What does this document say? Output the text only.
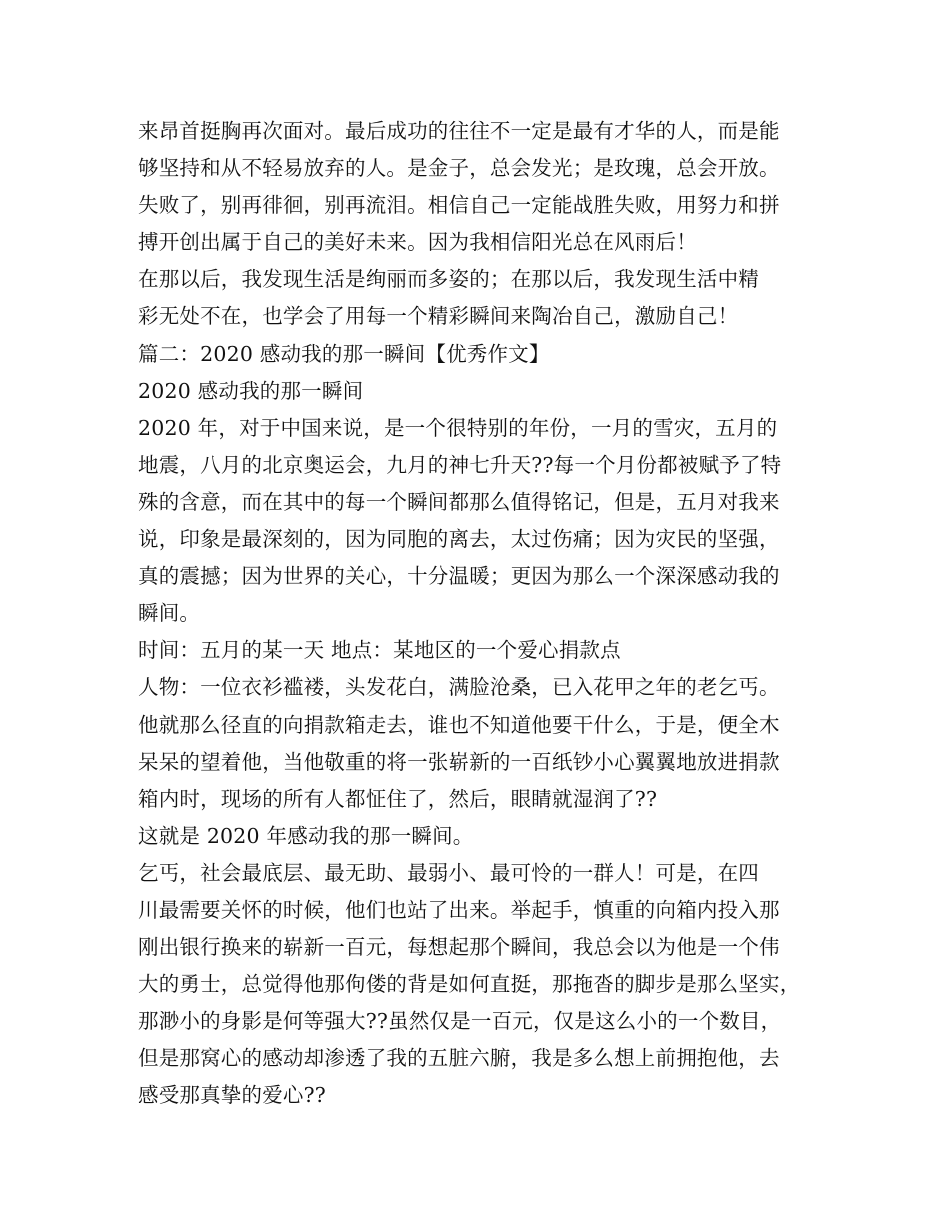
来昂首挺胸再次面对。最后成功的往往不一定是最有才华的人，而是能
够坚持和从不轻易放弃的人。是金子，总会发光；是玫瑰，总会开放。
失败了，别再徘徊，别再流泪。相信自己一定能战胜失败，用努力和拼
搏开创出属于自己的美好未来。因为我相信阳光总在风雨后！
在那以后，我发现生活是绚丽而多姿的；在那以后，我发现生活中精
彩无处不在，也学会了用每一个精彩瞬间来陶冶自己，激励自己！
篇二：2020 感动我的那一瞬间【优秀作文】
2020 感动我的那一瞬间
2020 年，对于中国来说，是一个很特别的年份，一月的雪灾，五月的
地震，八月的北京奥运会，九月的神七升天??每一个月份都被赋予了特
殊的含意，而在其中的每一个瞬间都那么值得铭记，但是，五月对我来
说，印象是最深刻的，因为同胞的离去，太过伤痛；因为灾民的坚强，
真的震撼；因为世界的关心，十分温暖；更因为那么一个深深感动我的
瞬间。
时间：五月的某一天 地点：某地区的一个爱心捐款点
人物：一位衣衫褴褛，头发花白，满脸沧桑，已入花甲之年的老乞丐。
他就那么径直的向捐款箱走去，谁也不知道他要干什么，于是，便全木
呆呆的望着他，当他敬重的将一张崭新的一百纸钞小心翼翼地放进捐款
箱内时，现场的所有人都怔住了，然后，眼睛就湿润了??
这就是 2020 年感动我的那一瞬间。
乞丐，社会最底层、最无助、最弱小、最可怜的一群人！可是，在四
川最需要关怀的时候，他们也站了出来。举起手，慎重的向箱内投入那
刚出银行换来的崭新一百元，每想起那个瞬间，我总会以为他是一个伟
大的勇士，总觉得他那佝偻的背是如何直挺，那拖沓的脚步是那么坚实，
那渺小的身影是何等强大??虽然仅是一百元，仅是这么小的一个数目，
但是那窝心的感动却渗透了我的五脏六腑，我是多么想上前拥抱他，去
感受那真挚的爱心??
